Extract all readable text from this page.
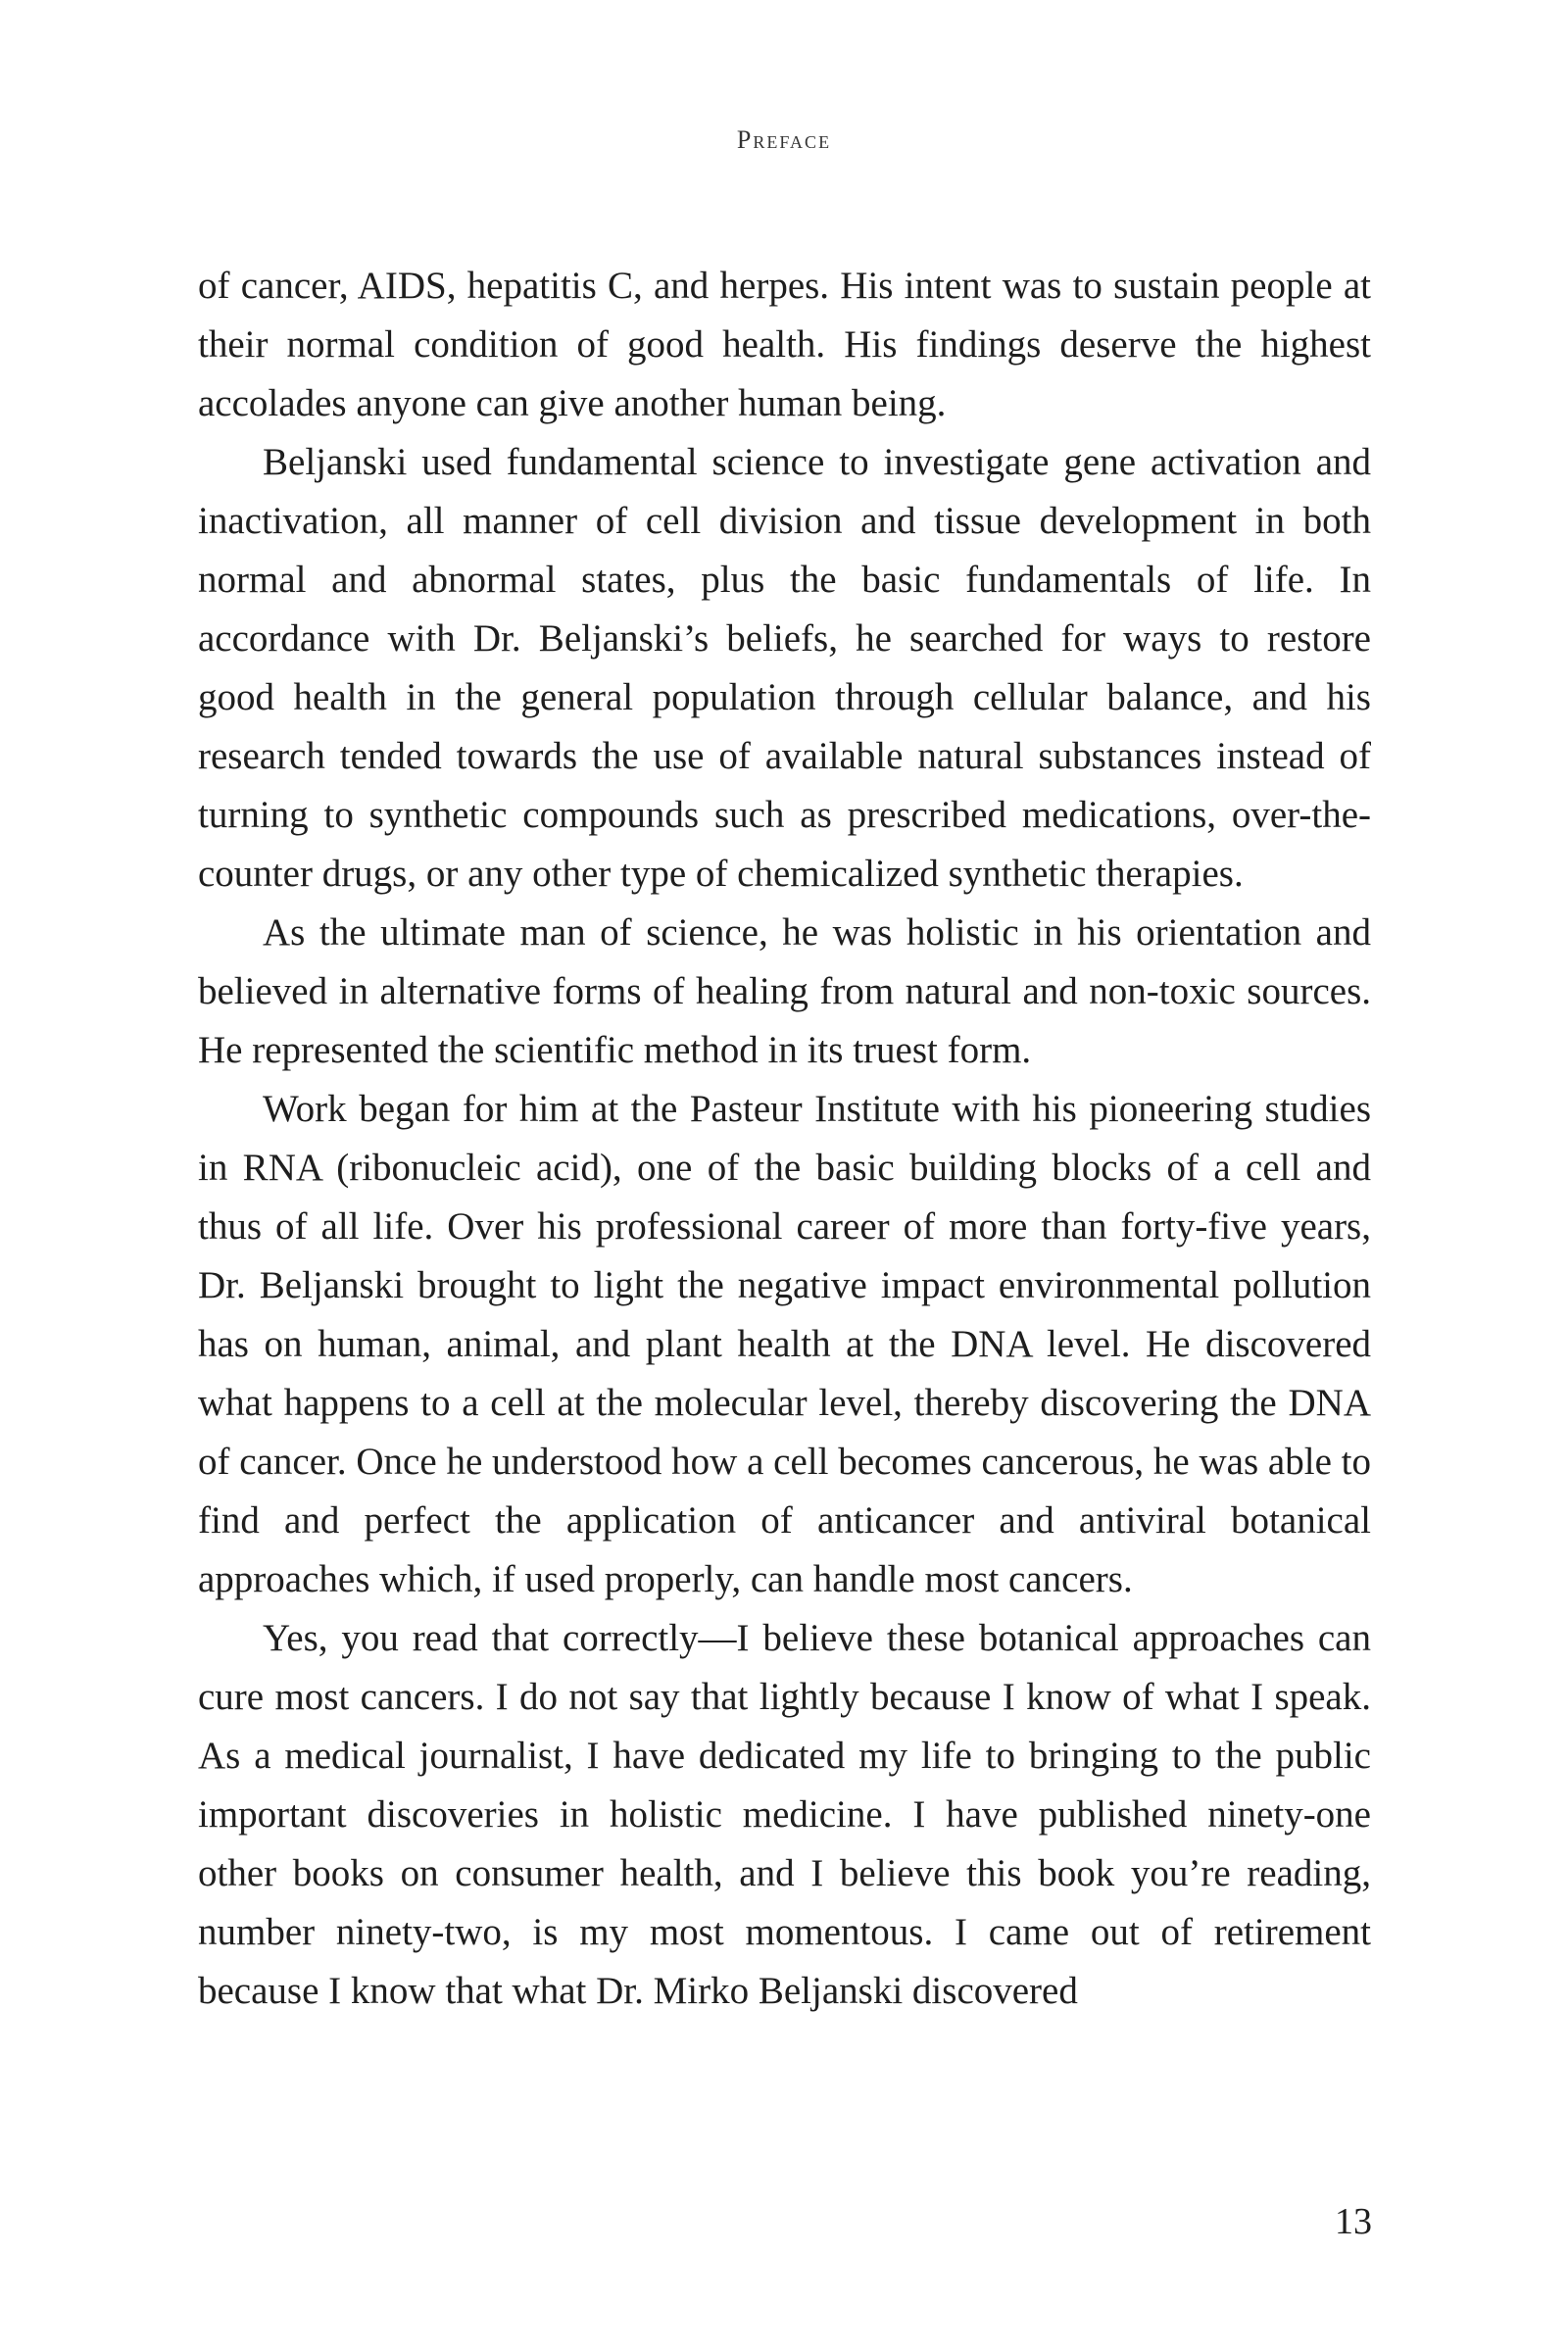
Preface

of cancer, AIDS, hepatitis C, and herpes. His intent was to sustain people at their normal condition of good health. His findings deserve the highest accolades anyone can give another human being.

Beljanski used fundamental science to investigate gene activation and inactivation, all manner of cell division and tissue development in both normal and abnormal states, plus the basic fundamentals of life. In accordance with Dr. Beljanski’s beliefs, he searched for ways to restore good health in the general population through cellular balance, and his research tended towards the use of available natural substances instead of turning to synthetic compounds such as prescribed medications, over-the-counter drugs, or any other type of chemicalized synthetic therapies.

As the ultimate man of science, he was holistic in his orientation and believed in alternative forms of healing from natural and non-toxic sources. He represented the scientific method in its truest form.

Work began for him at the Pasteur Institute with his pioneering studies in RNA (ribonucleic acid), one of the basic building blocks of a cell and thus of all life. Over his professional career of more than forty-five years, Dr. Beljanski brought to light the negative impact environmental pollution has on human, animal, and plant health at the DNA level. He discovered what happens to a cell at the molecular level, thereby discovering the DNA of cancer. Once he understood how a cell becomes cancerous, he was able to find and perfect the application of anticancer and antiviral botanical approaches which, if used properly, can handle most cancers.

Yes, you read that correctly—I believe these botanical approaches can cure most cancers. I do not say that lightly because I know of what I speak. As a medical journalist, I have dedicated my life to bringing to the public important discoveries in holistic medicine. I have published ninety-one other books on consumer health, and I believe this book you’re reading, number ninety-two, is my most momentous. I came out of retirement because I know that what Dr. Mirko Beljanski discovered

13
